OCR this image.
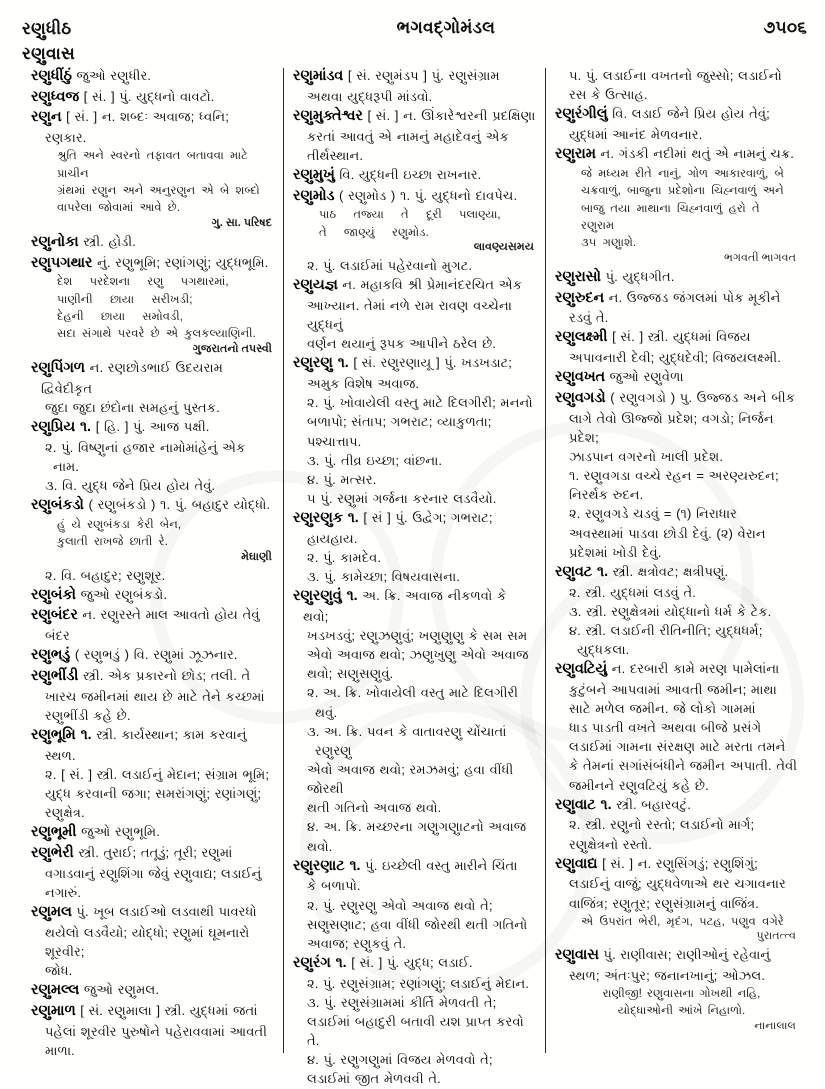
રણુધીઠ
રણુવાસ
ભગવદ્ગોમંડલ	૭૫૦૬

રણુધીંઠું જુઓ રણુધીર.

રણુધ્વજ [ સં. ] પું. યુદ્ધનો વાવટો.

રણુન [ સં. ] ન. શબ્દઃ અવાજ; ધ્વનિ;

રણકાર.

શ્રુતિ અને સ્વરનો તફાવત બતાવવા માટે પ્રાચીન

ગ્રંથમાં રણુન અને અનુરણુન એ બે શબ્દો

વાપરેલા જોવામાં આવે છે.

ગુ. સા. પરિષદ

રણુનોકા સ્ત્રી. હોડી.

રણુપગથાર નું. રણુભૂમિ; રણાંગણું; યુદ્ધભૂમિ.

દેશ પરદેશના રણુ પગથારમાં,

પાણીની છાયા સરીખડી;

દેહની છાયા સમોવડી,

સદા સંગાથે પરવરે છે એ કુલકલ્યાણિની.

ગુજરાતનો તપસ્વી

રણુપિંગળ ન. રણછોડભાઈ ઉદયરામ દ્વિવેદીકૃત

જુદા જુદા છંદોના સમહનું પુસ્તક.

રણુપ્રિય ૧. [ હિ. ] પું. આજ પક્ષી.

૨. પું. વિષ્ણુનાં હજાર નામોમાંહેનું એક નામ.

૩. વિ. યુદ્ધ જેને પ્રિય હોય તેવું.

રણુબંકડો ( રણુબંકડો ) ૧. પું. બહાદુર યોદ્ધો.

હું યે રણુબંકડા કેરી બેન,

કુલાતી રાખજે છાતી રે.

મેઘાણી

૨. વિ. બહાદુર; રણુશૂર.

રણુબંકો જુઓ રણુબંકડો.

રણુબંદર ન. રણુરસ્તે માલ આવતો હોય તેવું

બંદર

રણુભડું ( રણુભડું ) વિ. રણુમાં ઝૂઝનાર.

રણુભીંડી સ્ત્રી. એક પ્રકારનો છોડ; તલી. તે

ખારચ જમીનમાં થાય છે માટે તેને કચ્છમાં

રણુભીંડી કહે છે.

રણુભૂમિ ૧. સ્ત્રી. કાર્યસ્થાન; કામ કરવાનું

સ્થળ.

૨. [ સં. ] સ્ત્રી. લડાઈનું મેદાન; સંગ્રામ ભૂમિ;

યુદ્ધ કરવાની જગા; સમરાંગણું; રણાંગણું;

રણુક્ષેત્ર.

રણુભૂમી જુઓ રણુભૂમિ.

રણુભેરી સ્ત્રી. તુરાઈ; તતૂડું; તૂરી; રણુમાં

વગાડવાનું રણુશિંગા જેવું રણુવાદ્ય; લડાઈનું

નગારું.

રણુમલ પું. ખૂબ લડાઈઓ લડવાથી પાવરધો

થયેલો લડવૈયો; યોદ્ધો; રણુમાં ઘૂમનારો શૂરવીર;

જોધ.

રણુમલ્લ જુઓ રણુમલ.

રણુમાળ [ સં. રણુમાલા ] સ્ત્રી. યુદ્ધમાં જતાં

પહેલાં શૂરવીર પુરુષોને પહેરાવવામાં આવતી

માળા.

રણુમાંડવ [ સં. રણુમંડપ ] પું. રણુસંગ્રામ

અથવા યુદ્ધરૂપી માંડવો.

રણુમુક્તેશ્વર [ સં. ] ન. ઊંકારેશ્વરની પ્રદક્ષિણા

કરતાં આવતું એ નામનું મહાદેવનું એક

તીર્થસ્થાન.

રણુમુખું વિ. યુદ્ધની ઇચ્છા રાખનાર.

રણુમોડ ( રણુમોડ ) ૧. પું. યુદ્ધનો દાવપેચ.

પાઠ તજ્યા તે દૂરી પલાણ્યા,

તે જાણ્યું રણુમોડ.

લાવણ્યસમય

૨. પું. લડાઈમાં પહેરવાનો મુગટ.

રણુયજ્ઞ ન. મહાકવિ શ્રી પ્રેમાનંદરચિત એક

આખ્યાન. તેમાં નળે રામ રાવણ વચ્ચેના યુદ્ધનું

વર્ણન થયાનું રૂપક આપીને ઠરેલ છે.

રણુરણુ ૧. [ સં. રણુરણાયૂ ] પું. ખડખડાટ;

અમુક વિશેષ અવાજ.

૨. પું. ખોવાયેલી વસ્તુ માટે દિલગીરી; મનનો

બળાપો; સંતાપ; ગભરાટ; વ્યાકુળતા; પશ્ચાત્તાપ.

૩. પું. તીવ્ર ઇચ્છા; વાંછના.

૪. પું. મત્સર.

૫ પું. રણુમાં ગર્જના કરનાર લડવૈયો.

રણુરણુક ૧. [ સં ] પું. ઉદ્વેગ; ગભરાટ;

હાયહાય.

૨. પું. કામદેવ.

૩. પું. કામેચ્છા; વિષયવાસના.

રણુરણુવું ૧. અ. ક્રિ. અવાજ નીકળવો કે થવો;

ખડખડવું; રણુઝણુવું; ખણુણુણુ કે સમ સમ

એવો અવાજ થવો; ઝણુખુણુ એવો અવાજ

થવો; સણુસણુવું.

૨. અ. ક્રિ. ખોવાયેલી વસ્તુ માટે દિલગીરી થવું.

૩. અ. ક્રિ. પવન કે વાતાવરણુ ચોંચાતાં રણુરણુ

એવો અવાજ થવો; રમઝમવું; હવા વીંધી જોરથી

થતી ગતિનો અવાજ થવો.

૪. અ. ક્રિ. મચ્છરના ગણુગણુાટનો અવાજ

થવો.

રણુરણાટ ૧. પું. ઇચ્છેલી વસ્તુ મારીને ચિંતા

કે બળાપો.

૨. પું. રણુરણુ એવો અવાજ થવો તે;

સણુસણાટ; હવા વીંધી જોરથી થતી ગતિનો

અવાજ; રણુકવું તે.

રણુરંગ ૧. [ સં. ] પું. યુદ્ધ; લડાઈ.

૨. પું. રણુસંગ્રામ; રણાંગણું; લડાઈનું મેદાન.

૩. પું. રણુસંગ્રામમાં કીર્તિ મેળવતી તે;

લડાઈમાં બહાદુરી બતાવી યશ પ્રાપ્ત કરવો તે.

૪. પું. રણુગણુમાં વિજય મેળવવો તે;

લડાઈમાં જીત મેળવવી તે.

૫. પું. લડાઈના વખતનો જુસ્સો; લડાઈનો

રસ કે ઉત્સાહ.

રણુરંગીલું વિ. લડાઈ જેને પ્રિય હોય તેવું;

યુદ્ધમાં આનંદ મેળવનાર.

રણુરામ ન. ગંડકી નદીમાં થતું એ નામનું ચક્ર.

જે મધ્યમ રીતે નાનું, ગોળ આકારવાળું, બે

ચક્રવાળું, બાજુના પ્રદેશોના ચિહ્નવાળું અને

બાજુ તયા માથાના ચિહ્નવાળું હરો તે રણુરામ

૩૫ ગણુાશે.

ભગવતી ભાગવત

રણુરાસો પું. યુદ્ધગીત.

રણુરુદન ન. ઉજ્જડ જંગલમાં પોક મૂકીને

રડવું તે.

રણુલક્ષ્મી [ સં. ] સ્ત્રી. યુદ્ધમાં વિજય

અપાવનારી દેવી; યુદ્ધદેવી; વિજયલક્ષ્મી.

રણુવખત જુઓ રણુવેળા

રણુવગડો ( રણુવગડો ) પુ. ઉજ્જડ અને બીક

લાગે તેવો ઊજ્જો પ્રદેશ; વગડો; નિર્જન પ્રદેશ;

ઝાડપાન વગરનો ખાલી પ્રદેશ.

૧. રણુવગડા વચ્ચે રહન = અરણ્યરુદન;

નિરર્થક રુદન.

૨. રણુવગડે ચડવું = (૧) નિરાધાર

અવસ્થામાં પાડવા છોડી દેવું. (૨) વેરાન

પ્રદેશમાં ખોડી દેવું.

રણુવટ ૧. સ્ત્રી. ક્ષત્રોવટ; ક્ષત્રીપણું.

૨. સ્ત્રી. યુદ્ધમાં લડવું તે.

૩. સ્ત્રી. રણુક્ષેત્રમાં યોદ્ધાનો ધર્મ કે ટેક.

૪. સ્ત્રી. લડાઈની રીતિનીતિ; યુદ્ધધર્મ; યુદ્ધકલા.

રણુવટિયું ન. દરબારી કામે મરણ પામેલાંના

કુટુંબને આપવામાં આવતી જમીન; માથા

સાટે મળેલ જમીન. જે લોકો ગામમાં

ધાડ પાડતી વખતે અથવા બીજે પ્રસંગે

લડાઈમાં ગામના સંરક્ષણ માટે મરતા તમને

કે તેમનાં સગાંસંબંધીને જમીન અપાતી. તેવી

જમીનને રણુવટિયું કહે છે.

રણુવાટ ૧. સ્ત્રી. બહારવટું.

૨. સ્ત્રી. રણુનો રસ્તો; લડાઈનો માર્ગ;

રણુક્ષેત્રનો રસ્તો.

રણુવાદ્ય [ સં. ] ન. રણુસિંગડું; રણુશિંગું;

લડાઈનું વાજું; યુદ્ધવેળાએ થર ચગાવનાર

વાજિંત્ર; રણુતૂર; રણુસંગ્રામનું વાજિંત્ર.

એ ઉપરાંત ભેરી, મૃદંગ, પટહ, પણુવ વગેરે

પુરાતત્ત્વ

રણુવાસ પું. રાણીવાસ; રાણીઓનું રહેવાનું

સ્થળ; અંતઃપુર; જનાનખાનું; ઓઝલ.

રાણીજી! રણુવાસના ગોખથી નહિ,

યોદ્ધાઓની આંખે નિહાળો.

નાનાલાલ
